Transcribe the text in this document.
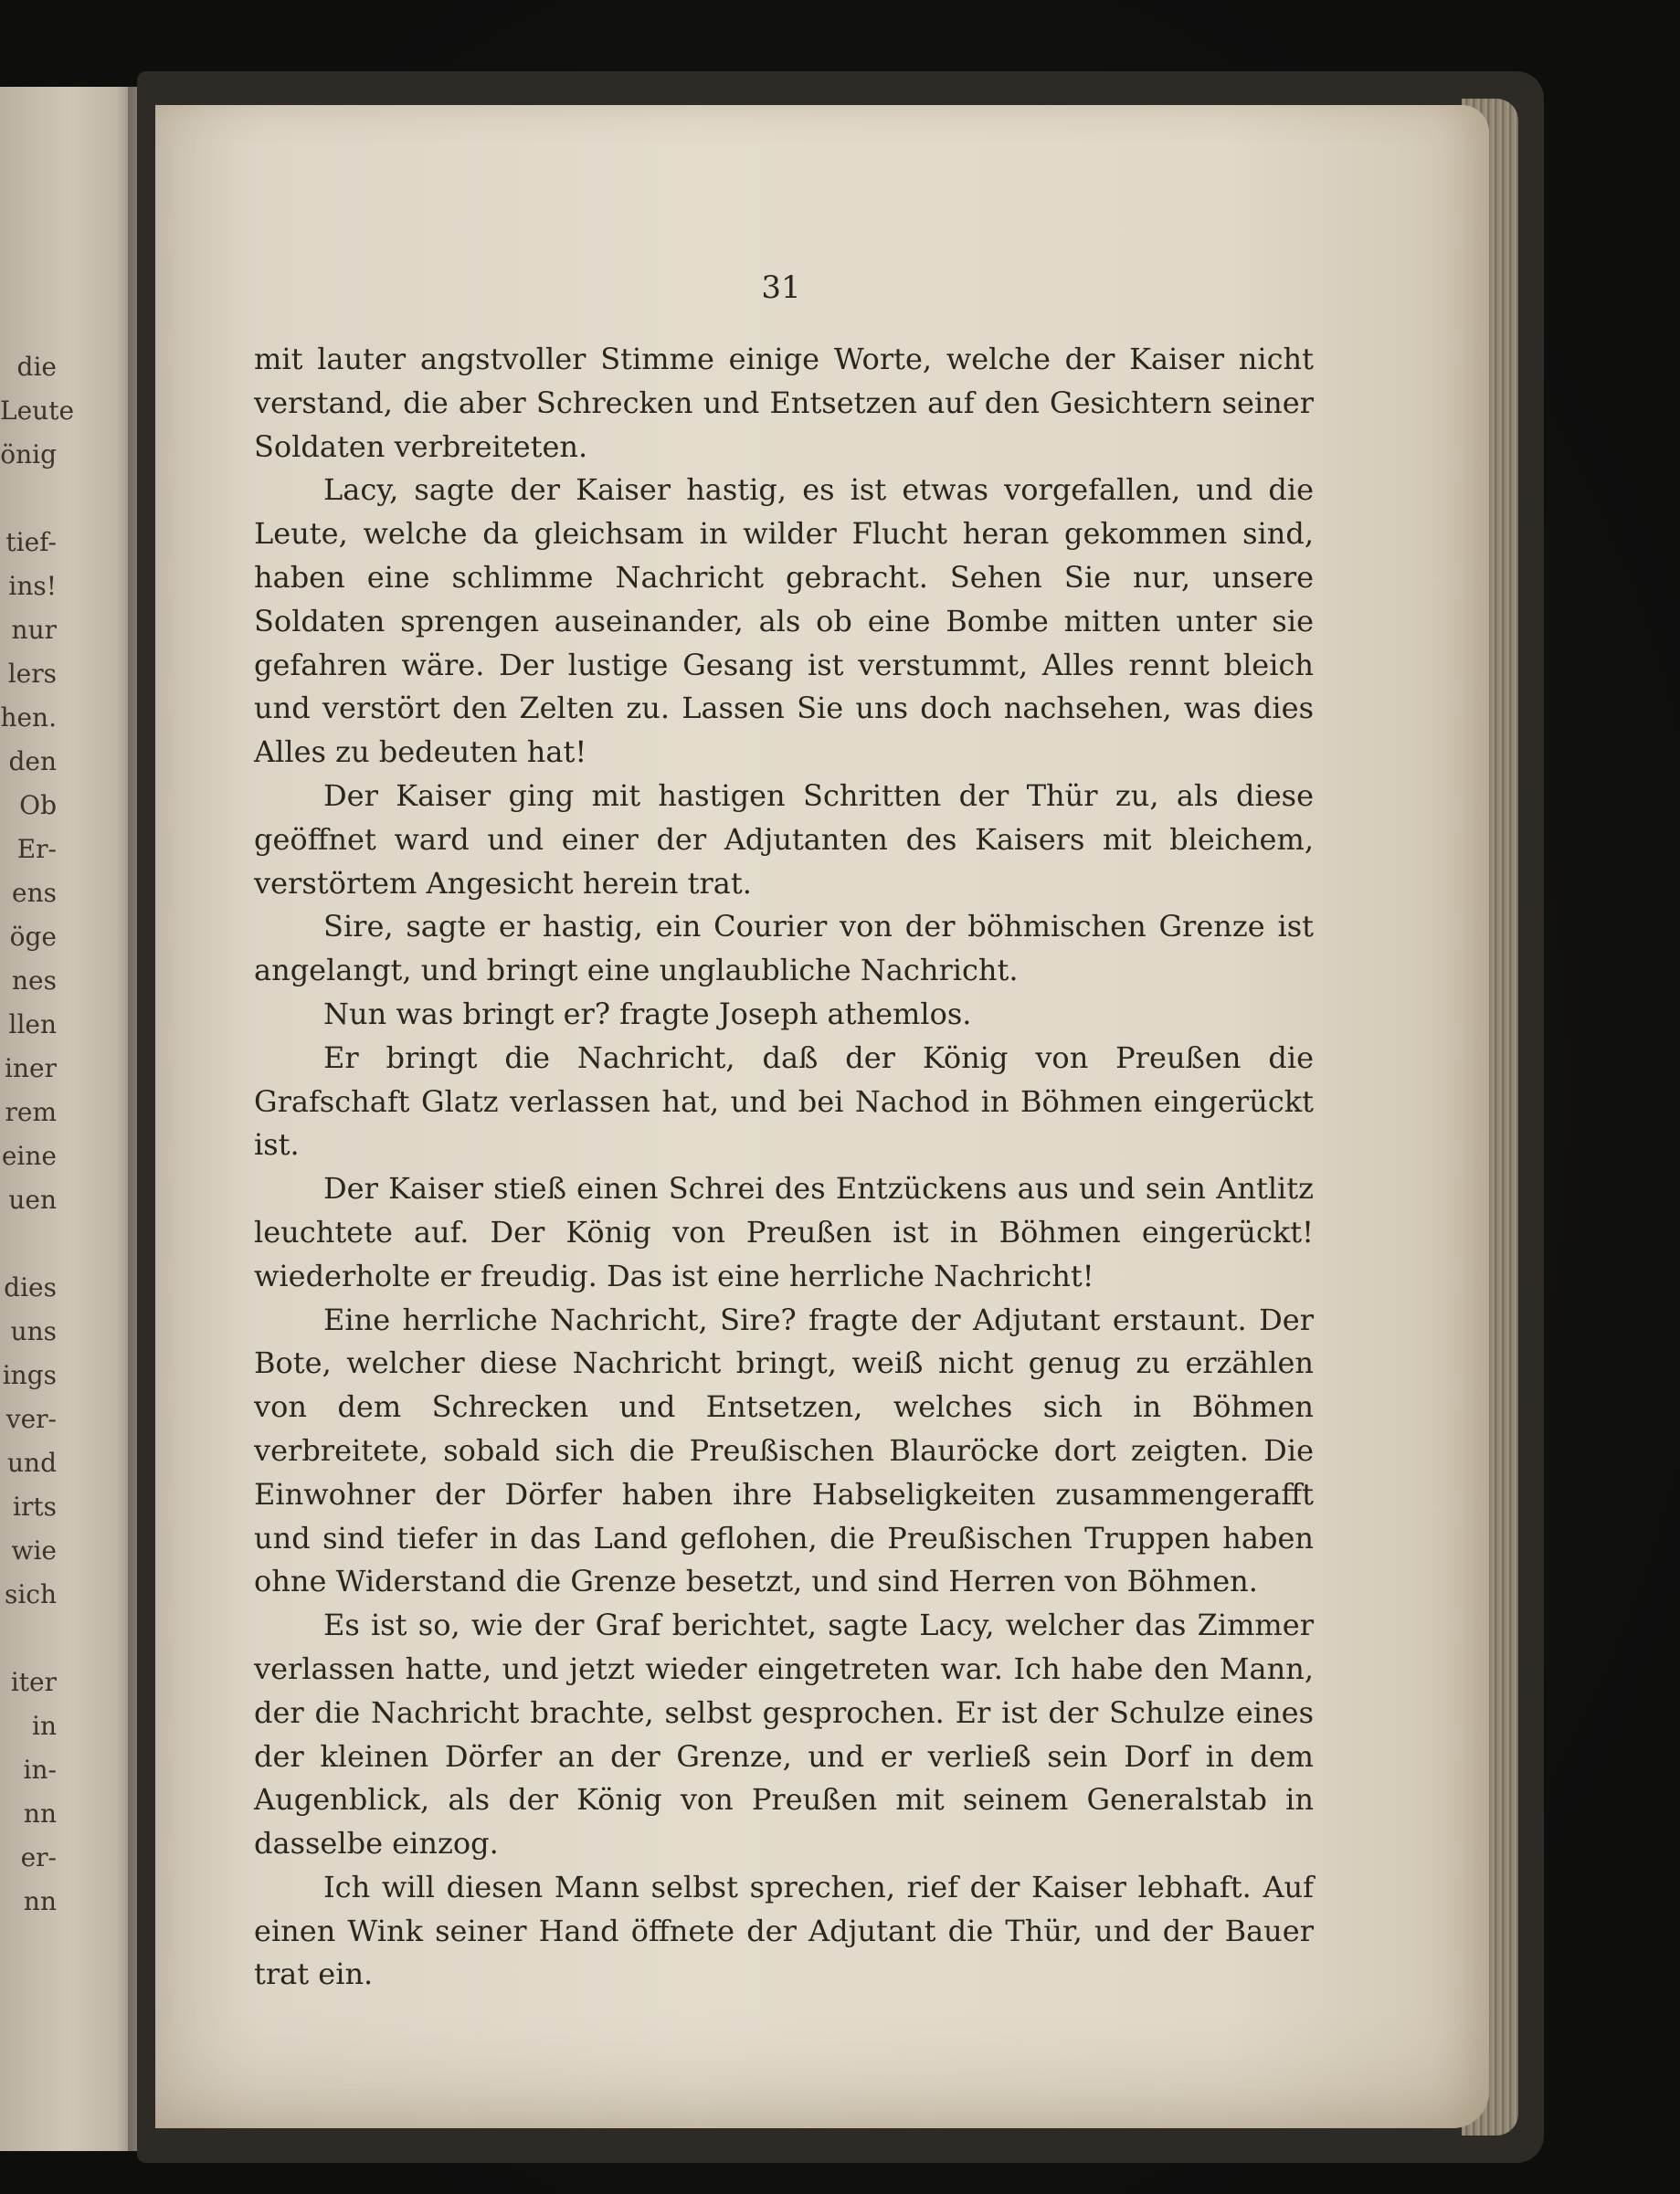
die
Leute
önig
tief-
ins!
nur
lers
hen.
den
Ob
Er-
ens
öge
nes
llen
iner
rem
eine
uen
dies
uns
ings
ver-
und
irts
wie
sich
iter
in
in-
nn
er-
nn
31

mit lauter angstvoller Stimme einige Worte, welche der Kaiser nicht verstand, die aber Schrecken und Entsetzen auf den Gesichtern seiner Soldaten verbreiteten.

Lacy, sagte der Kaiser hastig, es ist etwas vorgefallen, und die Leute, welche da gleichsam in wilder Flucht heran gekommen sind, haben eine schlimme Nachricht gebracht. Sehen Sie nur, unsere Soldaten sprengen auseinander, als ob eine Bombe mitten unter sie gefahren wäre. Der lustige Gesang ist verstummt, Alles rennt bleich und verstört den Zelten zu. Lassen Sie uns doch nachsehen, was dies Alles zu bedeuten hat!

Der Kaiser ging mit hastigen Schritten der Thür zu, als diese geöffnet ward und einer der Adjutanten des Kaisers mit bleichem, verstörtem Angesicht herein trat.

Sire, sagte er hastig, ein Courier von der böhmischen Grenze ist angelangt, und bringt eine unglaubliche Nachricht.

Nun was bringt er? fragte Joseph athemlos.

Er bringt die Nachricht, daß der König von Preußen die Grafschaft Glatz verlassen hat, und bei Nachod in Böhmen eingerückt ist.

Der Kaiser stieß einen Schrei des Entzückens aus und sein Antlitz leuchtete auf. Der König von Preußen ist in Böhmen eingerückt! wiederholte er freudig. Das ist eine herrliche Nachricht!

Eine herrliche Nachricht, Sire? fragte der Adjutant erstaunt. Der Bote, welcher diese Nachricht bringt, weiß nicht genug zu erzählen von dem Schrecken und Entsetzen, welches sich in Böhmen verbreitete, sobald sich die Preußischen Blauröcke dort zeigten. Die Einwohner der Dörfer haben ihre Habseligkeiten zusammengerafft und sind tiefer in das Land geflohen, die Preußischen Truppen haben ohne Widerstand die Grenze besetzt, und sind Herren von Böhmen.

Es ist so, wie der Graf berichtet, sagte Lacy, welcher das Zimmer verlassen hatte, und jetzt wieder eingetreten war. Ich habe den Mann, der die Nachricht brachte, selbst gesprochen. Er ist der Schulze eines der kleinen Dörfer an der Grenze, und er verließ sein Dorf in dem Augenblick, als der König von Preußen mit seinem Generalstab in dasselbe einzog.

Ich will diesen Mann selbst sprechen, rief der Kaiser lebhaft. Auf einen Wink seiner Hand öffnete der Adjutant die Thür, und der Bauer trat ein.
